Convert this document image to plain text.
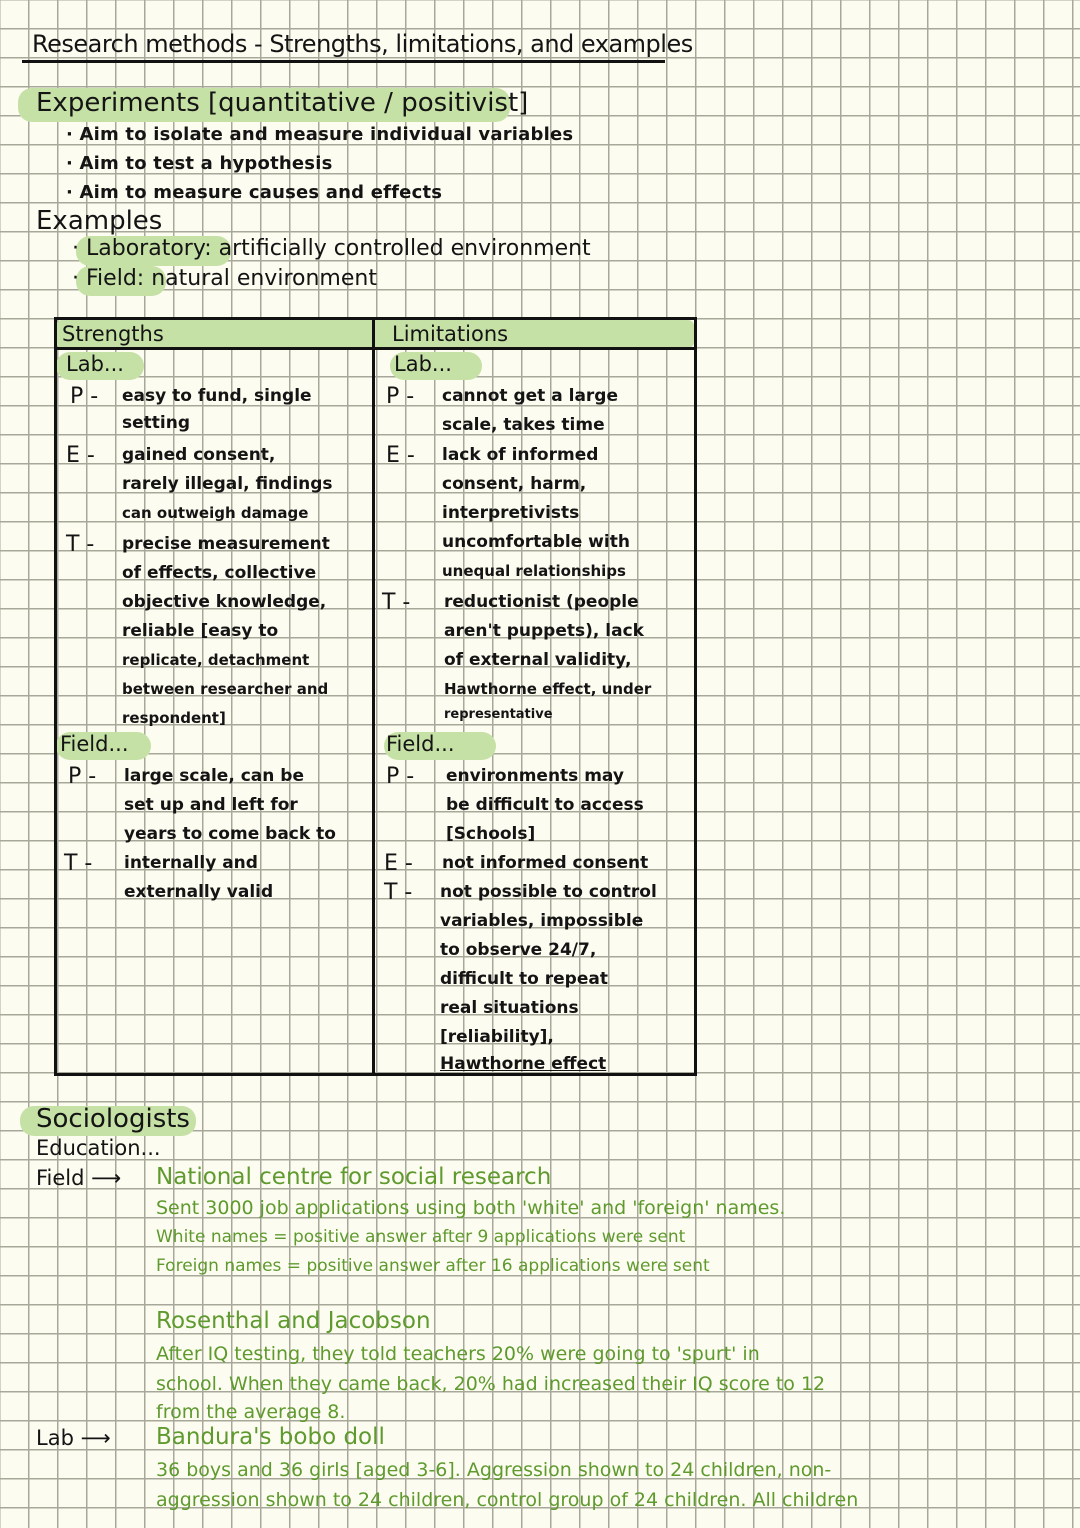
Research methods - Strengths, limitations, and examples
Experiments [quantitative / positivist]
· Aim to isolate and measure individual variables
· Aim to test a hypothesis
· Aim to measure causes and effects
Examples
· Laboratory: artificially controlled environment
· Field: natural environment
Strengths	Limitations
Lab...
P - easy to fund, single
setting
E - gained consent,
rarely illegal, findings
can outweigh damage
T - precise measurement
of effects, collective
objective knowledge,
reliable [easy to
replicate, detachment
between researcher and
respondent]
Field...
P - large scale, can be
set up and left for
years to come back to
T - internally and
externally valid
Lab...
P - cannot get a large
scale, takes time
E - lack of informed
consent, harm,
interpretivists
uncomfortable with
unequal relationships
T - reductionist (people
aren't puppets), lack
of external validity,
Hawthorne effect, under
representative
Field...
P - environments may
be difficult to access
[Schools]
E - not informed consent
T - not possible to control
variables, impossible
to observe 24/7,
difficult to repeat
real situations
[reliability],
Hawthorne effect
Sociologists
Education...
Field ⟶ National centre for social research
Sent 3000 job applications using both 'white' and 'foreign' names.
White names = positive answer after 9 applications were sent
Foreign names = positive answer after 16 applications were sent
Rosenthal and Jacobson
After IQ testing, they told teachers 20% were going to 'spurt' in
school. When they came back, 20% had increased their IQ score to 12
from the average 8.
Lab ⟶ Bandura's bobo doll
36 boys and 36 girls [aged 3-6]. Aggression shown to 24 children, non-
aggression shown to 24 children, control group of 24 children. All children
